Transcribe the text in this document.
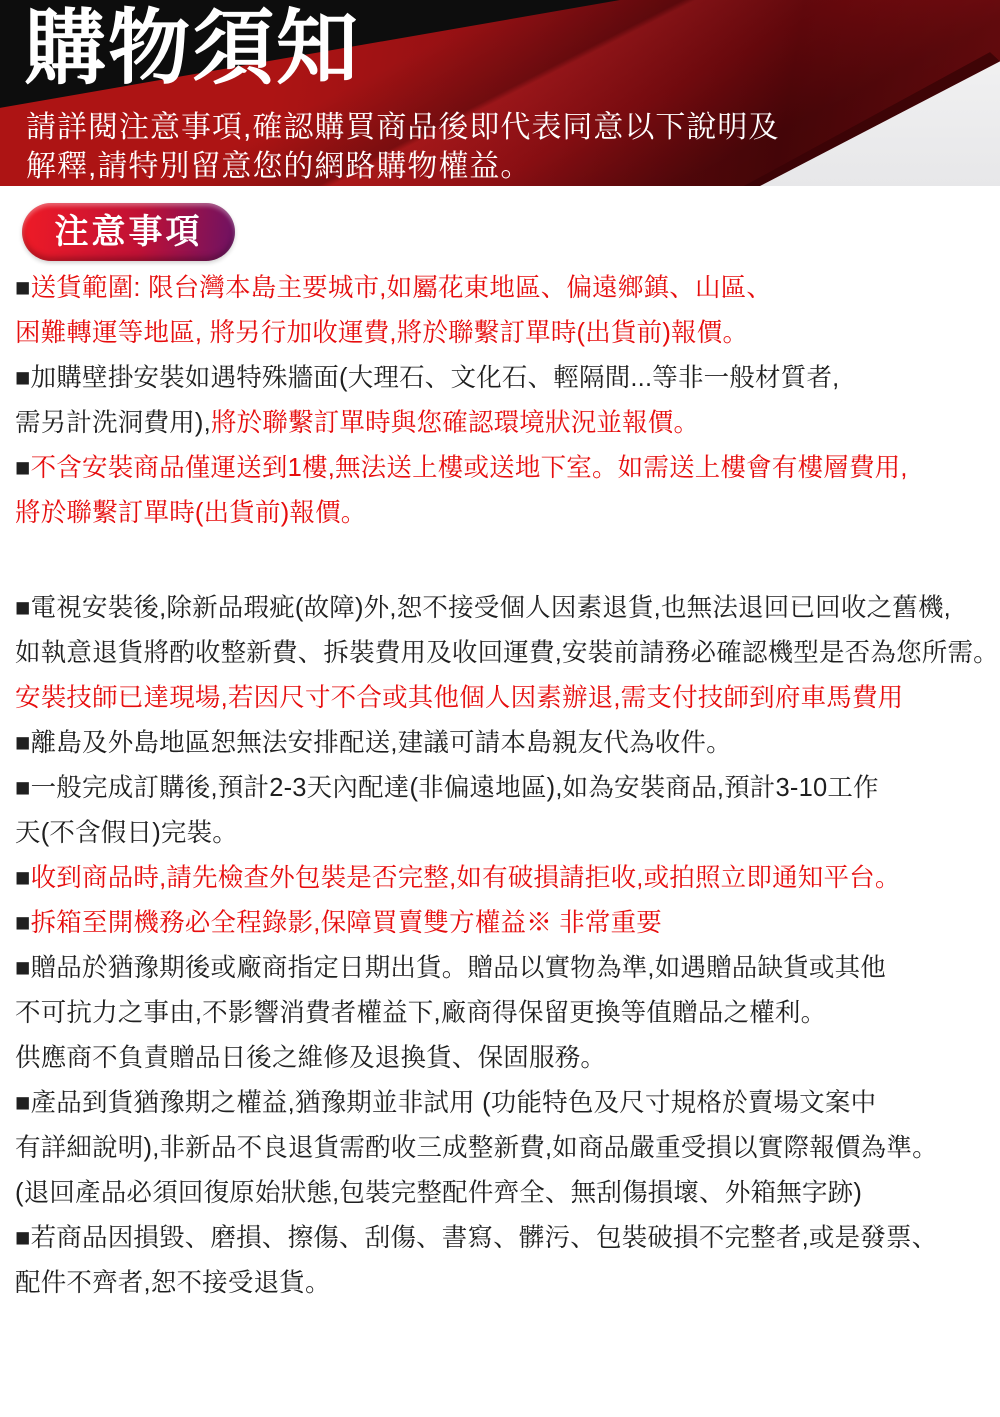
購物須知
請詳閱注意事項,確認購買商品後即代表同意以下說明及
解釋,請特別留意您的網路購物權益。
注意事項
■送貨範圍: 限台灣本島主要城市,如屬花東地區、偏遠鄉鎮、山區、
困難轉運等地區, 將另行加收運費,將於聯繫訂單時(出貨前)報價。
■加購壁掛安裝如遇特殊牆面(大理石、文化石、輕隔間...等非一般材質者,
需另計洗洞費用),將於聯繫訂單時與您確認環境狀況並報價。
■不含安裝商品僅運送到1樓,無法送上樓或送地下室。如需送上樓會有樓層費用,
將於聯繫訂單時(出貨前)報價。
■電視安裝後,除新品瑕疵(故障)外,恕不接受個人因素退貨,也無法退回已回收之舊機,
如執意退貨將酌收整新費、拆裝費用及收回運費,安裝前請務必確認機型是否為您所需。
安裝技師已達現場,若因尺寸不合或其他個人因素辦退,需支付技師到府車馬費用
■離島及外島地區恕無法安排配送,建議可請本島親友代為收件。
■一般完成訂購後,預計2-3天內配達(非偏遠地區),如為安裝商品,預計3-10工作
天(不含假日)完裝。
■收到商品時,請先檢查外包裝是否完整,如有破損請拒收,或拍照立即通知平台。
■拆箱至開機務必全程錄影,保障買賣雙方權益※ 非常重要
■贈品於猶豫期後或廠商指定日期出貨。贈品以實物為準,如遇贈品缺貨或其他
不可抗力之事由,不影響消費者權益下,廠商得保留更換等值贈品之權利。
供應商不負責贈品日後之維修及退換貨、保固服務。
■產品到貨猶豫期之權益,猶豫期並非試用 (功能特色及尺寸規格於賣場文案中
有詳細說明),非新品不良退貨需酌收三成整新費,如商品嚴重受損以實際報價為準。
(退回產品必須回復原始狀態,包裝完整配件齊全、無刮傷損壞、外箱無字跡)
■若商品因損毀、磨損、擦傷、刮傷、書寫、髒污、包裝破損不完整者,或是發票、
配件不齊者,恕不接受退貨。
